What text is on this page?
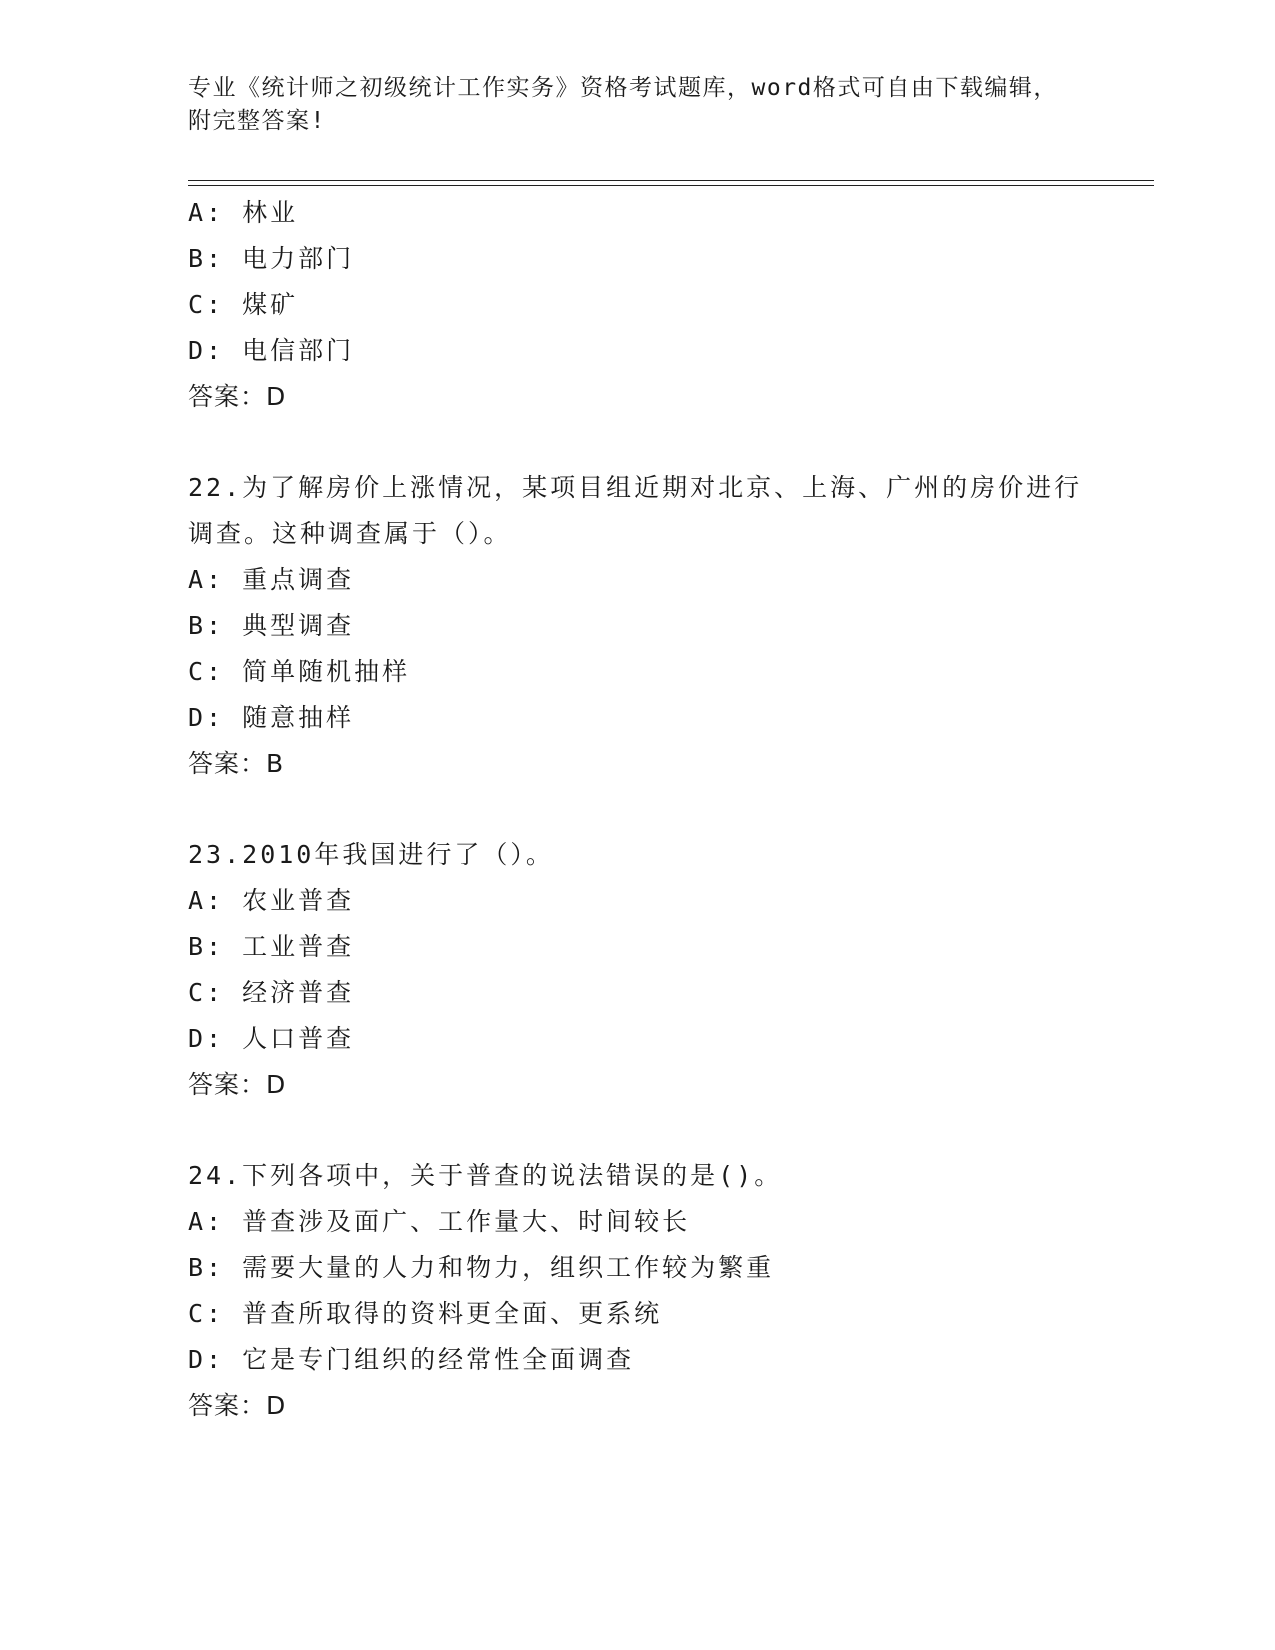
专业《统计师之初级统计工作实务》资格考试题库，word格式可自由下载编辑，
附完整答案!
A: 林业
B: 电力部门
C: 煤矿
D: 电信部门
答案：D
22.为了解房价上涨情况，某项目组近期对北京、上海、广州的房价进行调查。这种调查属于（）。
A: 重点调查
B: 典型调查
C: 简单随机抽样
D: 随意抽样
答案：B
23.2010年我国进行了（）。
A: 农业普查
B: 工业普查
C: 经济普查
D: 人口普查
答案：D
24.下列各项中，关于普查的说法错误的是()。
A: 普查涉及面广、工作量大、时间较长
B: 需要大量的人力和物力，组织工作较为繁重
C: 普查所取得的资料更全面、更系统
D: 它是专门组织的经常性全面调查
答案：D
